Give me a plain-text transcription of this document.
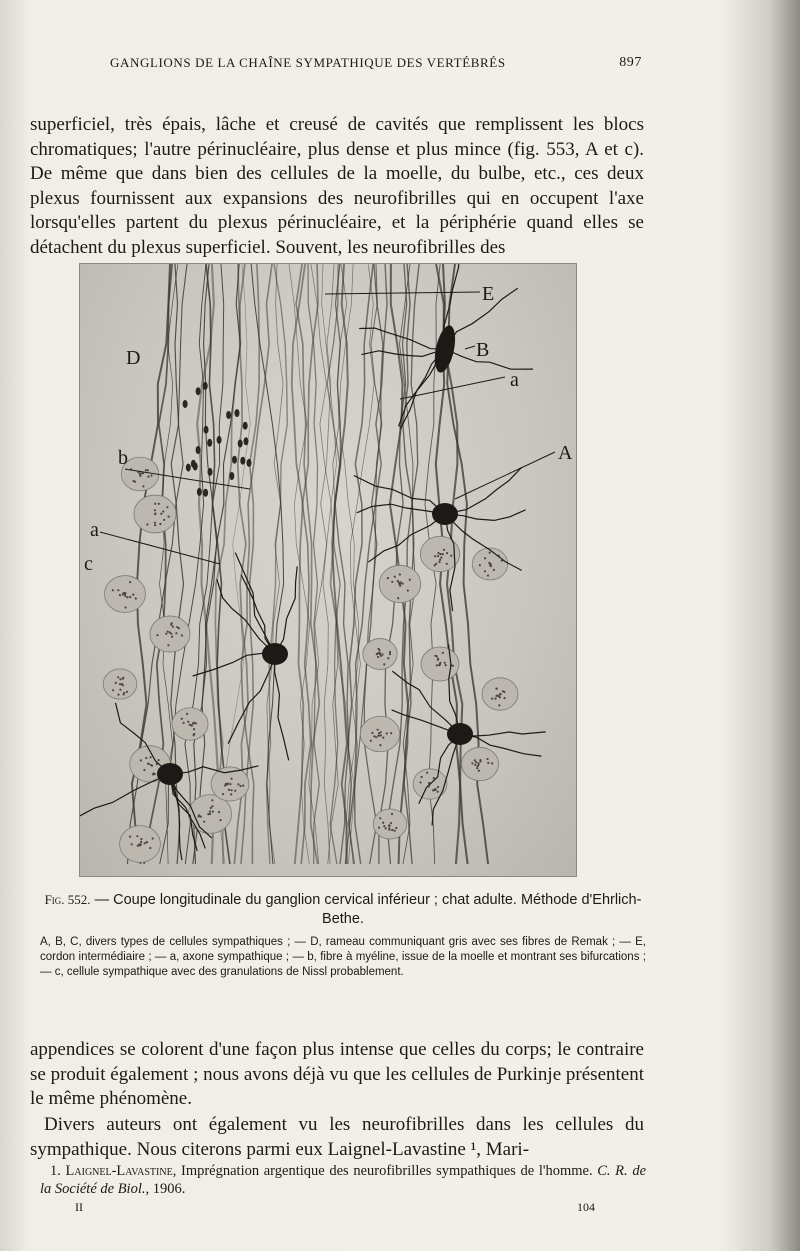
GANGLIONS DE LA CHAÎNE SYMPATHIQUE DES VERTÉBRÉS	897

superficiel, très épais, lâche et creusé de cavités que remplissent les blocs chromatiques; l'autre périnucléaire, plus dense et plus mince (fig. 553, A et c). De même que dans bien des cellules de la moelle, du bulbe, etc., ces deux plexus fournissent aux expansions des neurofibrilles qui en occupent l'axe lorsqu'elles partent du plexus périnucléaire, et la périphérie quand elles se détachent du plexus superficiel. Souvent, les neurofibrilles des

E
B
a
D
b	A
a
c
Fig. 552. — Coupe longitudinale du ganglion cervical inférieur ; chat adulte. Méthode d'Ehrlich-Bethe.
A, B, C, divers types de cellules sympathiques ; — D, rameau communiquant gris avec ses fibres de Remak ; — E, cordon intermédiaire ; — a, axone sympathique ; — b, fibre à myéline, issue de la moelle et montrant ses bifurcations ; — c, cellule sympathique avec des granulations de Nissl probablement.

appendices se colorent d'une façon plus intense que celles du corps; le contraire se produit également ; nous avons déjà vu que les cellules de Purkinje présentent le même phénomène.

Divers auteurs ont également vu les neurofibrilles dans les cellules du sympathique. Nous citerons parmi eux Laignel-Lavastine ¹, Mari-

1. Laignel-Lavastine, Imprégnation argentique des neurofibrilles sympathiques de l'homme. C. R. de la Société de Biol., 1906.
II	104
